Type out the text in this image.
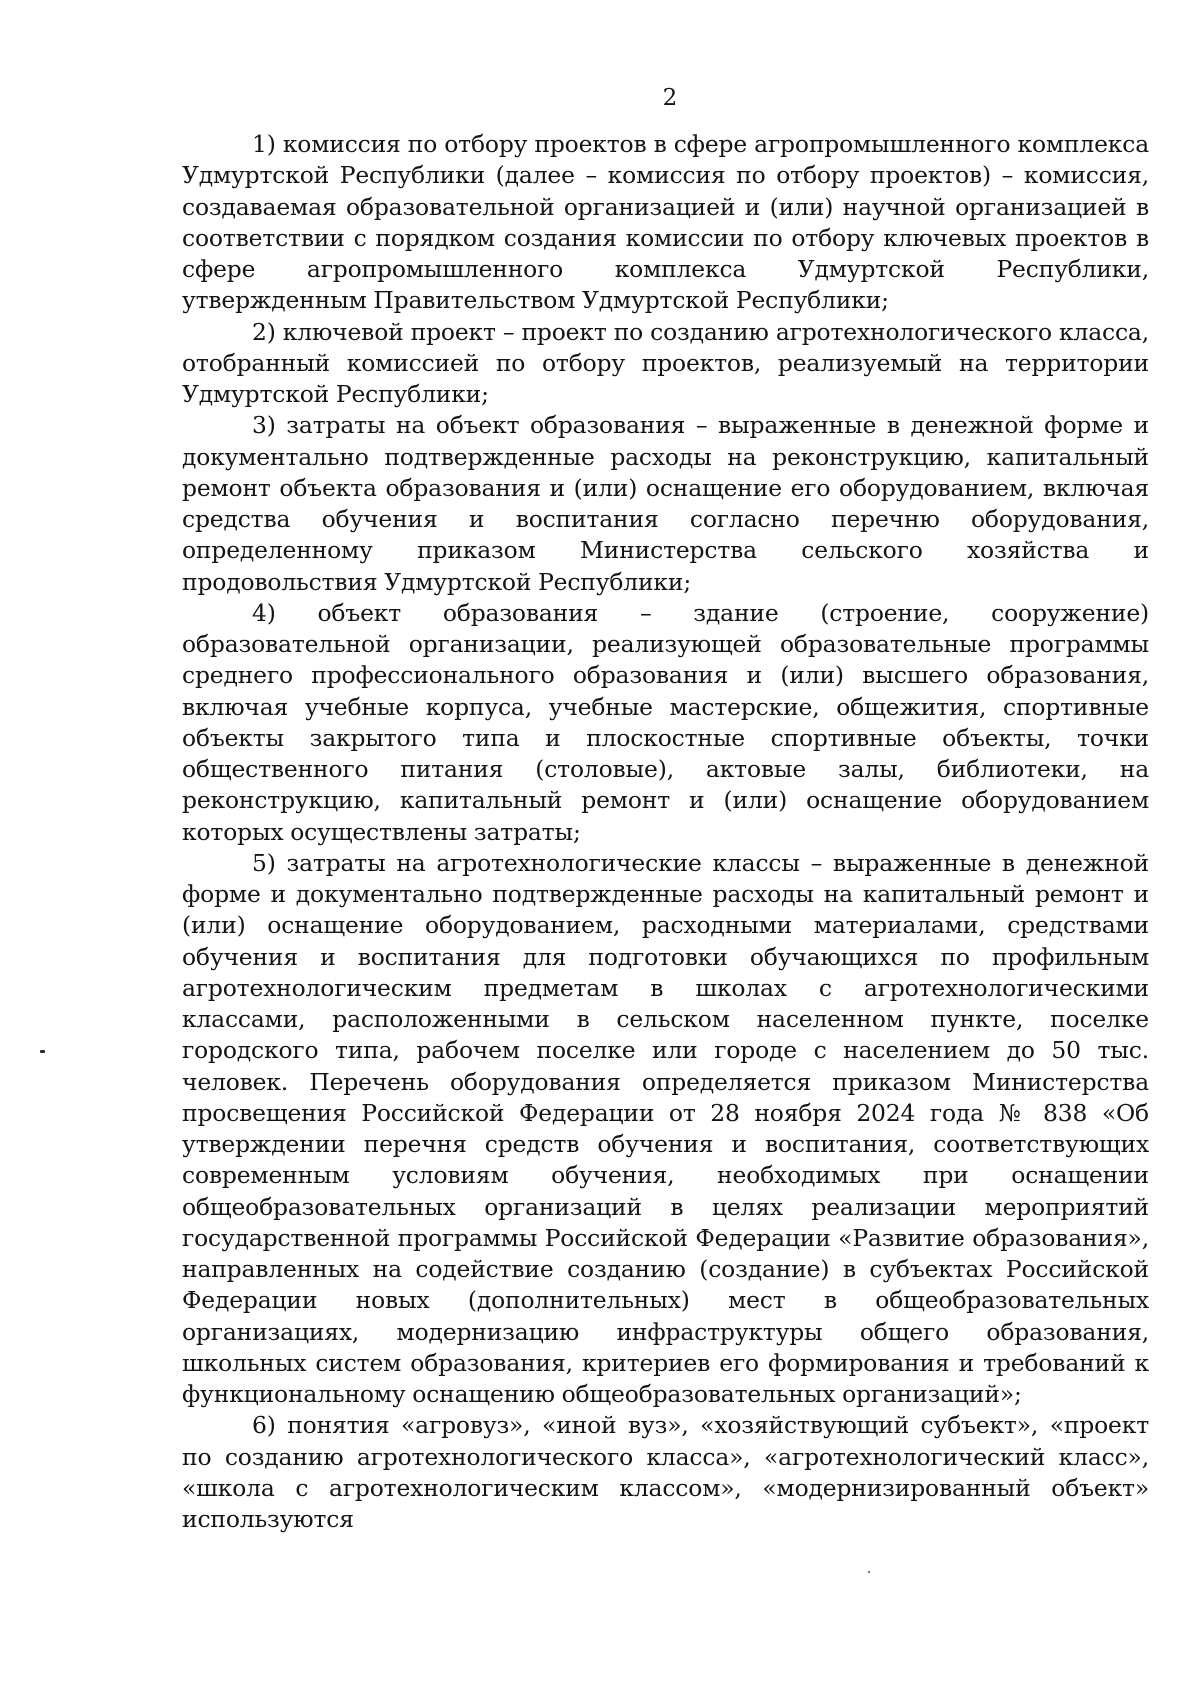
2

1) комиссия по отбору проектов в сфере агропромышленного комплекса Удмуртской Республики (далее – комиссия по отбору проектов) – комиссия, создаваемая образовательной организацией и (или) научной организацией в соответствии с порядком создания комиссии по отбору ключевых проектов в сфере агропромышленного комплекса Удмуртской Республики, утвержденным Правительством Удмуртской Республики;

2) ключевой проект – проект по созданию агротехнологического класса, отобранный комиссией по отбору проектов, реализуемый на территории Удмуртской Республики;

3) затраты на объект образования – выраженные в денежной форме и документально подтвержденные расходы на реконструкцию, капитальный ремонт объекта образования и (или) оснащение его оборудованием, включая средства обучения и воспитания согласно перечню оборудования, определенному приказом Министерства сельского хозяйства и продовольствия Удмуртской Республики;

4) объект образования – здание (строение, сооружение) образовательной организации, реализующей образовательные программы среднего профессионального образования и (или) высшего образования, включая учебные корпуса, учебные мастерские, общежития, спортивные объекты закрытого типа и плоскостные спортивные объекты, точки общественного питания (столовые), актовые залы, библиотеки, на реконструкцию, капитальный ремонт и (или) оснащение оборудованием которых осуществлены затраты;

5) затраты на агротехнологические классы – выраженные в денежной форме и документально подтвержденные расходы на капитальный ремонт и (или) оснащение оборудованием, расходными материалами, средствами обучения и воспитания для подготовки обучающихся по профильным агротехнологическим предметам в школах с агротехнологическими классами, расположенными в сельском населенном пункте, поселке городского типа, рабочем поселке или городе с населением до 50 тыс. человек. Перечень оборудования определяется приказом Министерства просвещения Российской Федерации от 28 ноября 2024 года № 838 «Об утверждении перечня средств обучения и воспитания, соответствующих современным условиям обучения, необходимых при оснащении общеобразовательных организаций в целях реализации мероприятий государственной программы Российской Федерации «Развитие образования», направленных на содействие созданию (создание) в субъектах Российской Федерации новых (дополнительных) мест в общеобразовательных организациях, модернизацию инфраструктуры общего образования, школьных систем образования, критериев его формирования и требований к функциональному оснащению общеобразовательных организаций»;

6) понятия «агровуз», «иной вуз», «хозяйствующий субъект», «проект по созданию агротехнологического класса», «агротехнологический класс», «школа с агротехнологическим классом», «модернизированный объект» используются
